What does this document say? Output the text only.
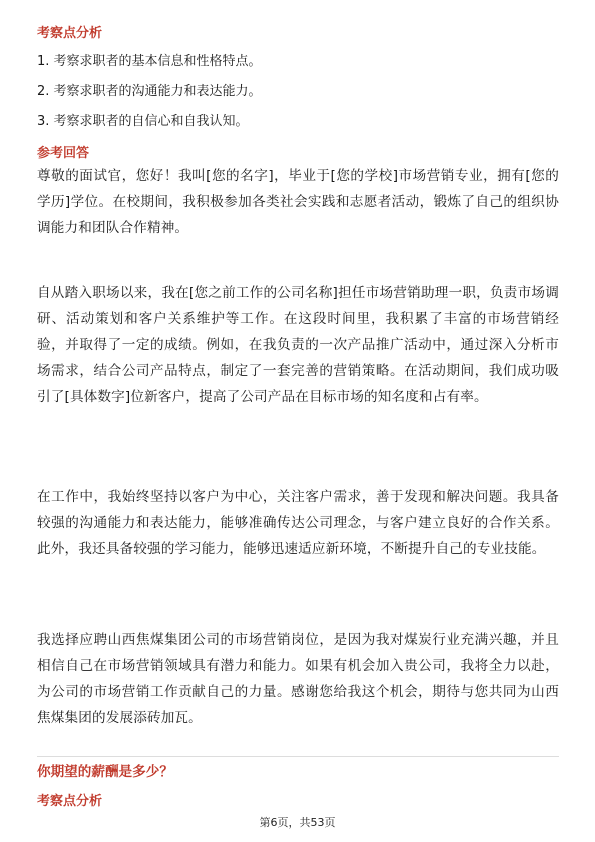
考察点分析
1. 考察求职者的基本信息和性格特点。
2. 考察求职者的沟通能力和表达能力。
3. 考察求职者的自信心和自我认知。
参考回答
尊敬的面试官，您好！我叫[您的名字]，毕业于[您的学校]市场营销专业，拥有[您的学历]学位。在校期间，我积极参加各类社会实践和志愿者活动，锻炼了自己的组织协调能力和团队合作精神。
自从踏入职场以来，我在[您之前工作的公司名称]担任市场营销助理一职，负责市场调研、活动策划和客户关系维护等工作。在这段时间里，我积累了丰富的市场营销经验，并取得了一定的成绩。例如，在我负责的一次产品推广活动中，通过深入分析市场需求，结合公司产品特点，制定了一套完善的营销策略。在活动期间，我们成功吸引了[具体数字]位新客户，提高了公司产品在目标市场的知名度和占有率。
在工作中，我始终坚持以客户为中心，关注客户需求，善于发现和解决问题。我具备较强的沟通能力和表达能力，能够准确传达公司理念，与客户建立良好的合作关系。此外，我还具备较强的学习能力，能够迅速适应新环境，不断提升自己的专业技能。
我选择应聘山西焦煤集团公司的市场营销岗位，是因为我对煤炭行业充满兴趣，并且相信自己在市场营销领域具有潜力和能力。如果有机会加入贵公司，我将全力以赴，为公司的市场营销工作贡献自己的力量。感谢您给我这个机会，期待与您共同为山西焦煤集团的发展添砖加瓦。
你期望的薪酬是多少？
考察点分析
第6页，共53页
